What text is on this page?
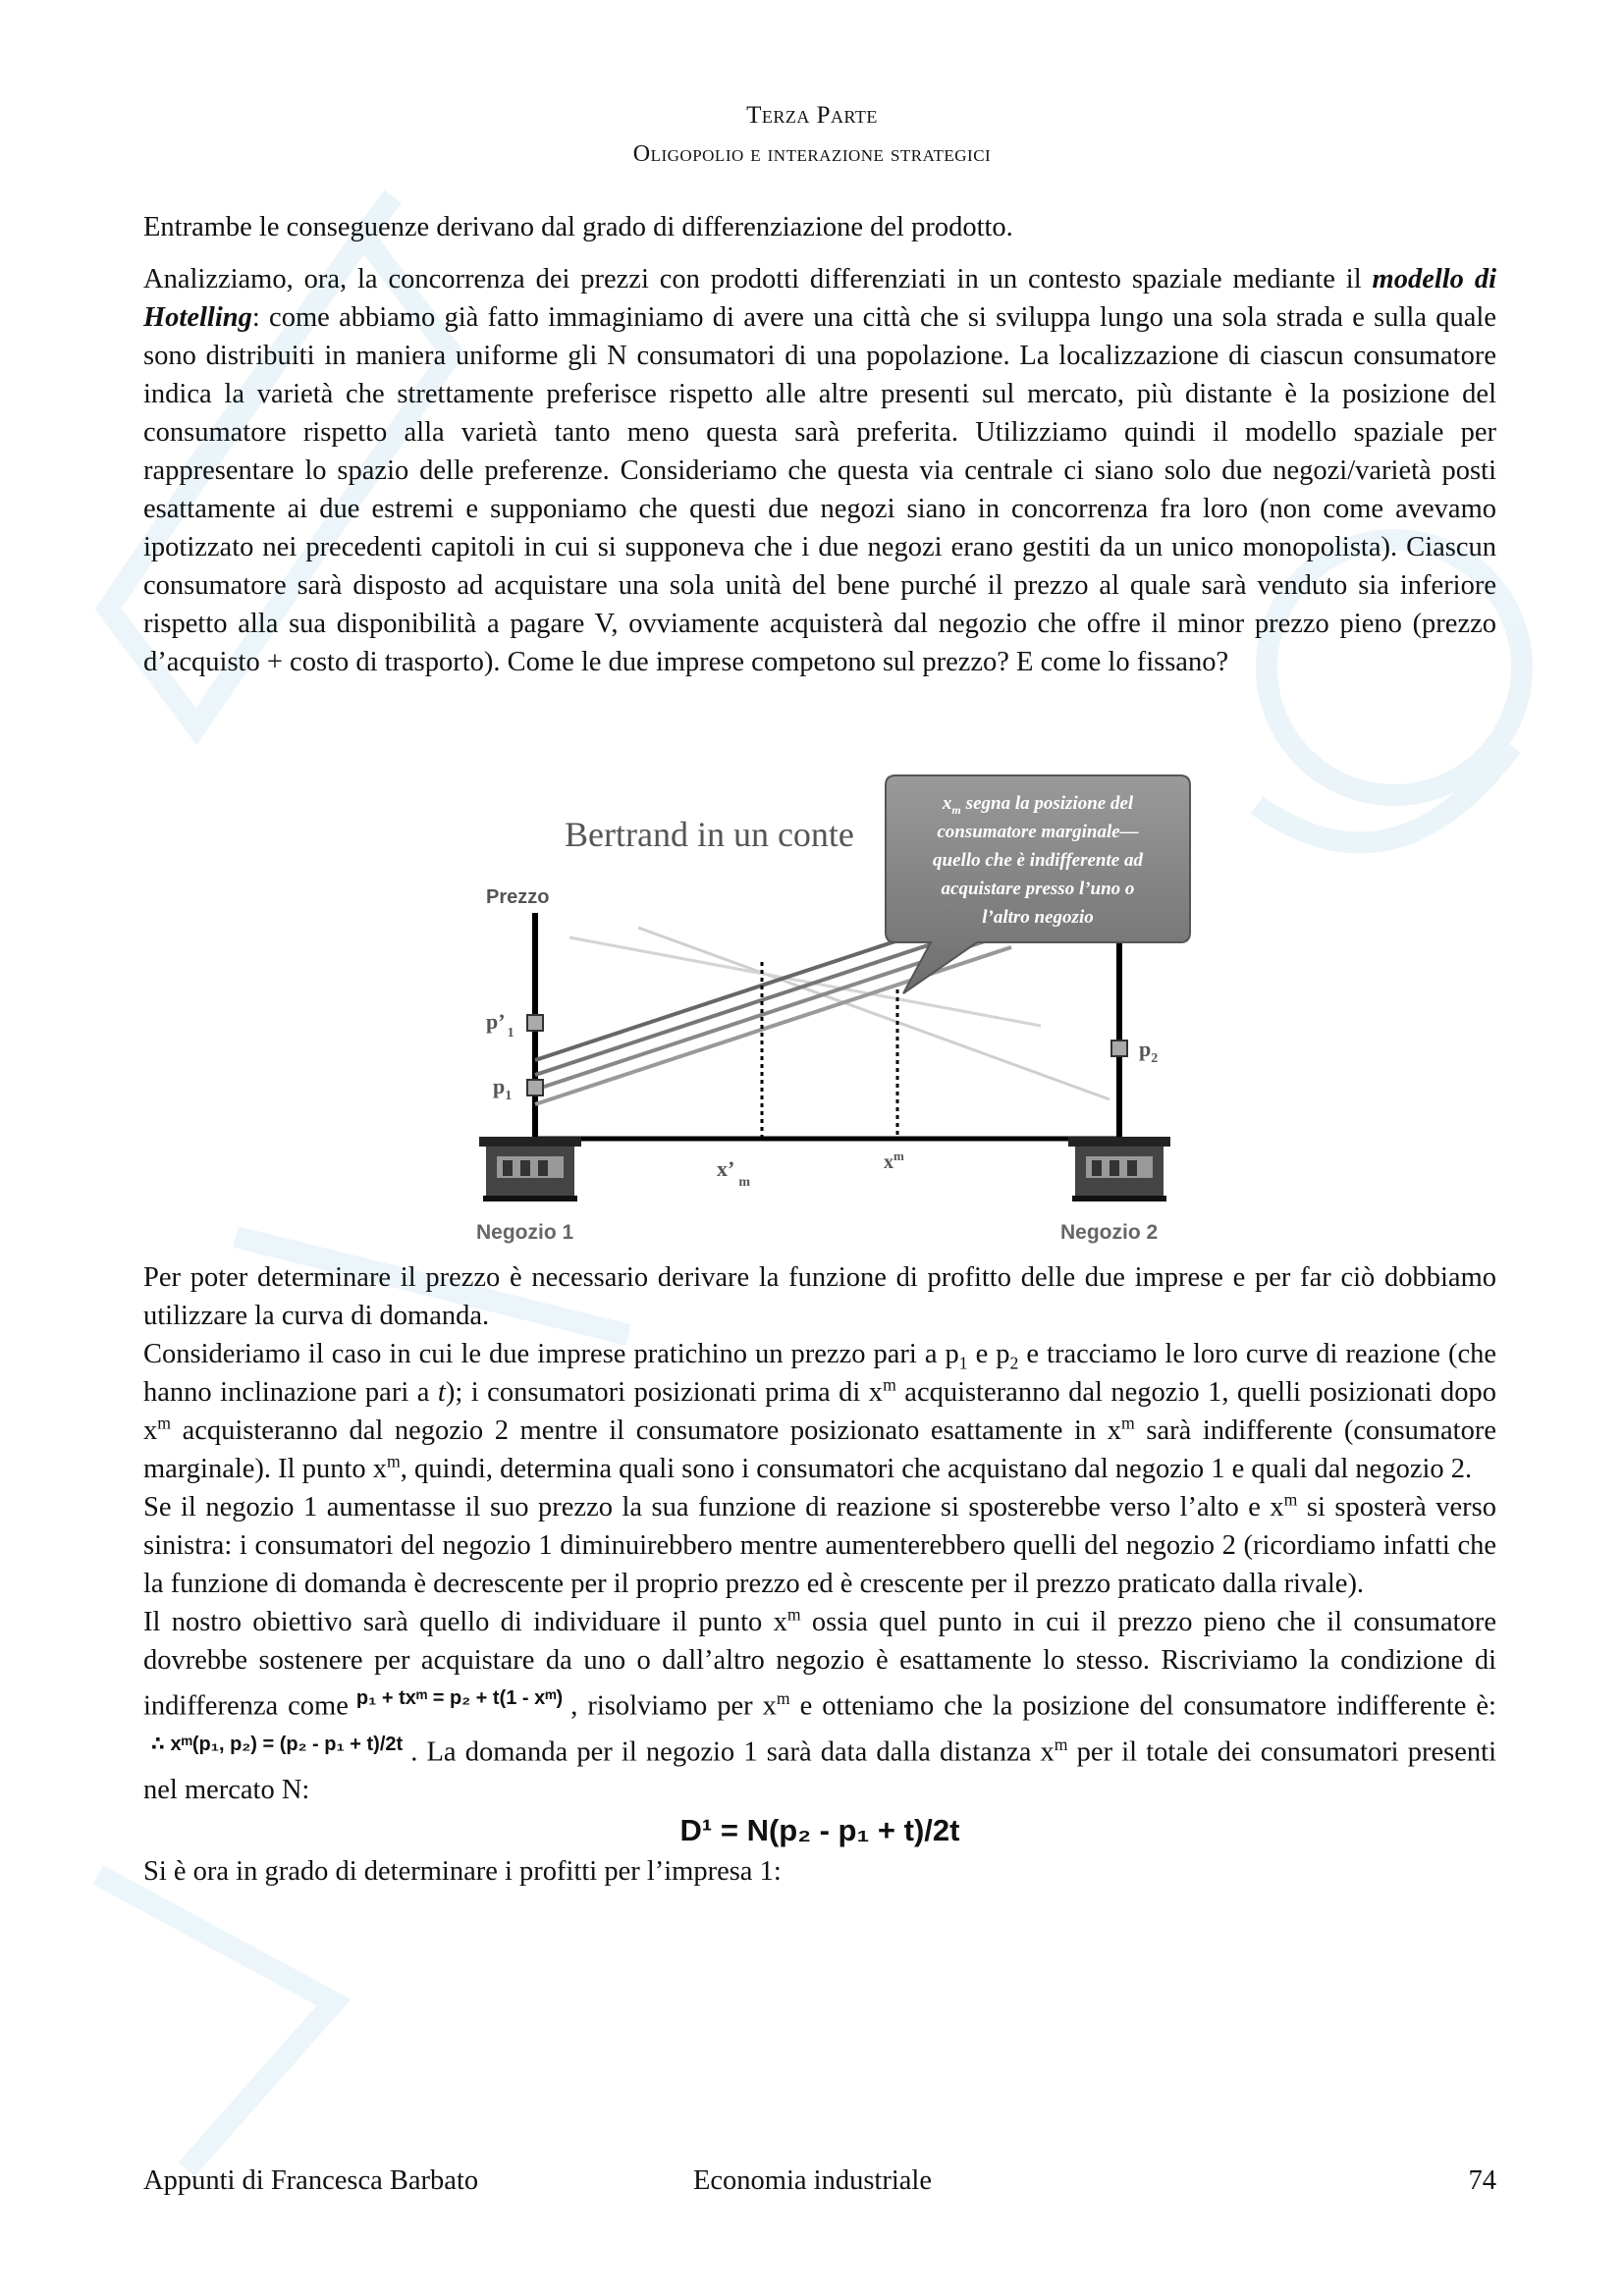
Terza Parte
Oligopolio e interazione strategici

Entrambe le conseguenze derivano dal grado di differenziazione del prodotto.

Analizziamo, ora, la concorrenza dei prezzi con prodotti differenziati in un contesto spaziale mediante il modello di Hotelling: come abbiamo già fatto immaginiamo di avere una città che si sviluppa lungo una sola strada e sulla quale sono distribuiti in maniera uniforme gli N consumatori di una popolazione. La localizzazione di ciascun consumatore indica la varietà che strettamente preferisce rispetto alle altre presenti sul mercato, più distante è la posizione del consumatore rispetto alla varietà tanto meno questa sarà preferita. Utilizziamo quindi il modello spaziale per rappresentare lo spazio delle preferenze. Consideriamo che questa via centrale ci siano solo due negozi/varietà posti esattamente ai due estremi e supponiamo che questi due negozi siano in concorrenza fra loro (non come avevamo ipotizzato nei precedenti capitoli in cui si supponeva che i due negozi erano gestiti da un unico monopolista). Ciascun consumatore sarà disposto ad acquistare una sola unità del bene purché il prezzo al quale sarà venduto sia inferiore rispetto alla sua disponibilità a pagare V, ovviamente acquisterà dal negozio che offre il minor prezzo pieno (prezzo d’acquisto + costo di trasporto). Come le due imprese competono sul prezzo? E come lo fissano?

Bertrand in un conte
Prezzo
p’ $_1$
$p_1$
$p_2$
$x’_m$
$x^m$
Negozio 1	Negozio 2
$x_m$ segna la posizione del
consumatore marginale—
quello che è indifferente ad
acquistare presso l’uno o
l’altro negozio

Per poter determinare il prezzo è necessario derivare la funzione di profitto delle due imprese e per far ciò dobbiamo utilizzare la curva di domanda.

Consideriamo il caso in cui le due imprese pratichino un prezzo pari a $p_1$ e $p_2$ e tracciamo le loro curve di reazione (che hanno inclinazione pari a t); i consumatori posizionati prima di $x^m$ acquisteranno dal negozio 1, quelli posizionati dopo $x^m$ acquisteranno dal negozio 2 mentre il consumatore posizionato esattamente in $x^m$ sarà indifferente (consumatore marginale). Il punto $x^m$, quindi, determina quali sono i consumatori che acquistano dal negozio 1 e quali dal negozio 2.

Se il negozio 1 aumentasse il suo prezzo la sua funzione di reazione si sposterebbe verso l’alto e $x^m$ si sposterà verso sinistra: i consumatori del negozio 1 diminuirebbero mentre aumenterebbero quelli del negozio 2 (ricordiamo infatti che la funzione di domanda è decrescente per il proprio prezzo ed è crescente per il prezzo praticato dalla rivale).

Il nostro obiettivo sarà quello di individuare il punto $x^m$ ossia quel punto in cui il prezzo pieno che il consumatore dovrebbe sostenere per acquistare da uno o dall’altro negozio è esattamente lo stesso. Riscriviamo la condizione di indifferenza come p₁ + txᵐ = p₂ + t(1 - xᵐ) , risolviamo per $x^m$ e otteniamo che la posizione del consumatore indifferente è:∴ xᵐ(p₁, p₂) = (p₂ - p₁ + t)/2t . La domanda per il negozio 1 sarà data dalla distanza $x^m$ per il totale dei consumatori presenti nel mercato N:

D¹ = N(p₂ - p₁ + t)/2t

Si è ora in grado di determinare i profitti per l’impresa 1:

Appunti di Francesca Barbato	Economia industriale	74
